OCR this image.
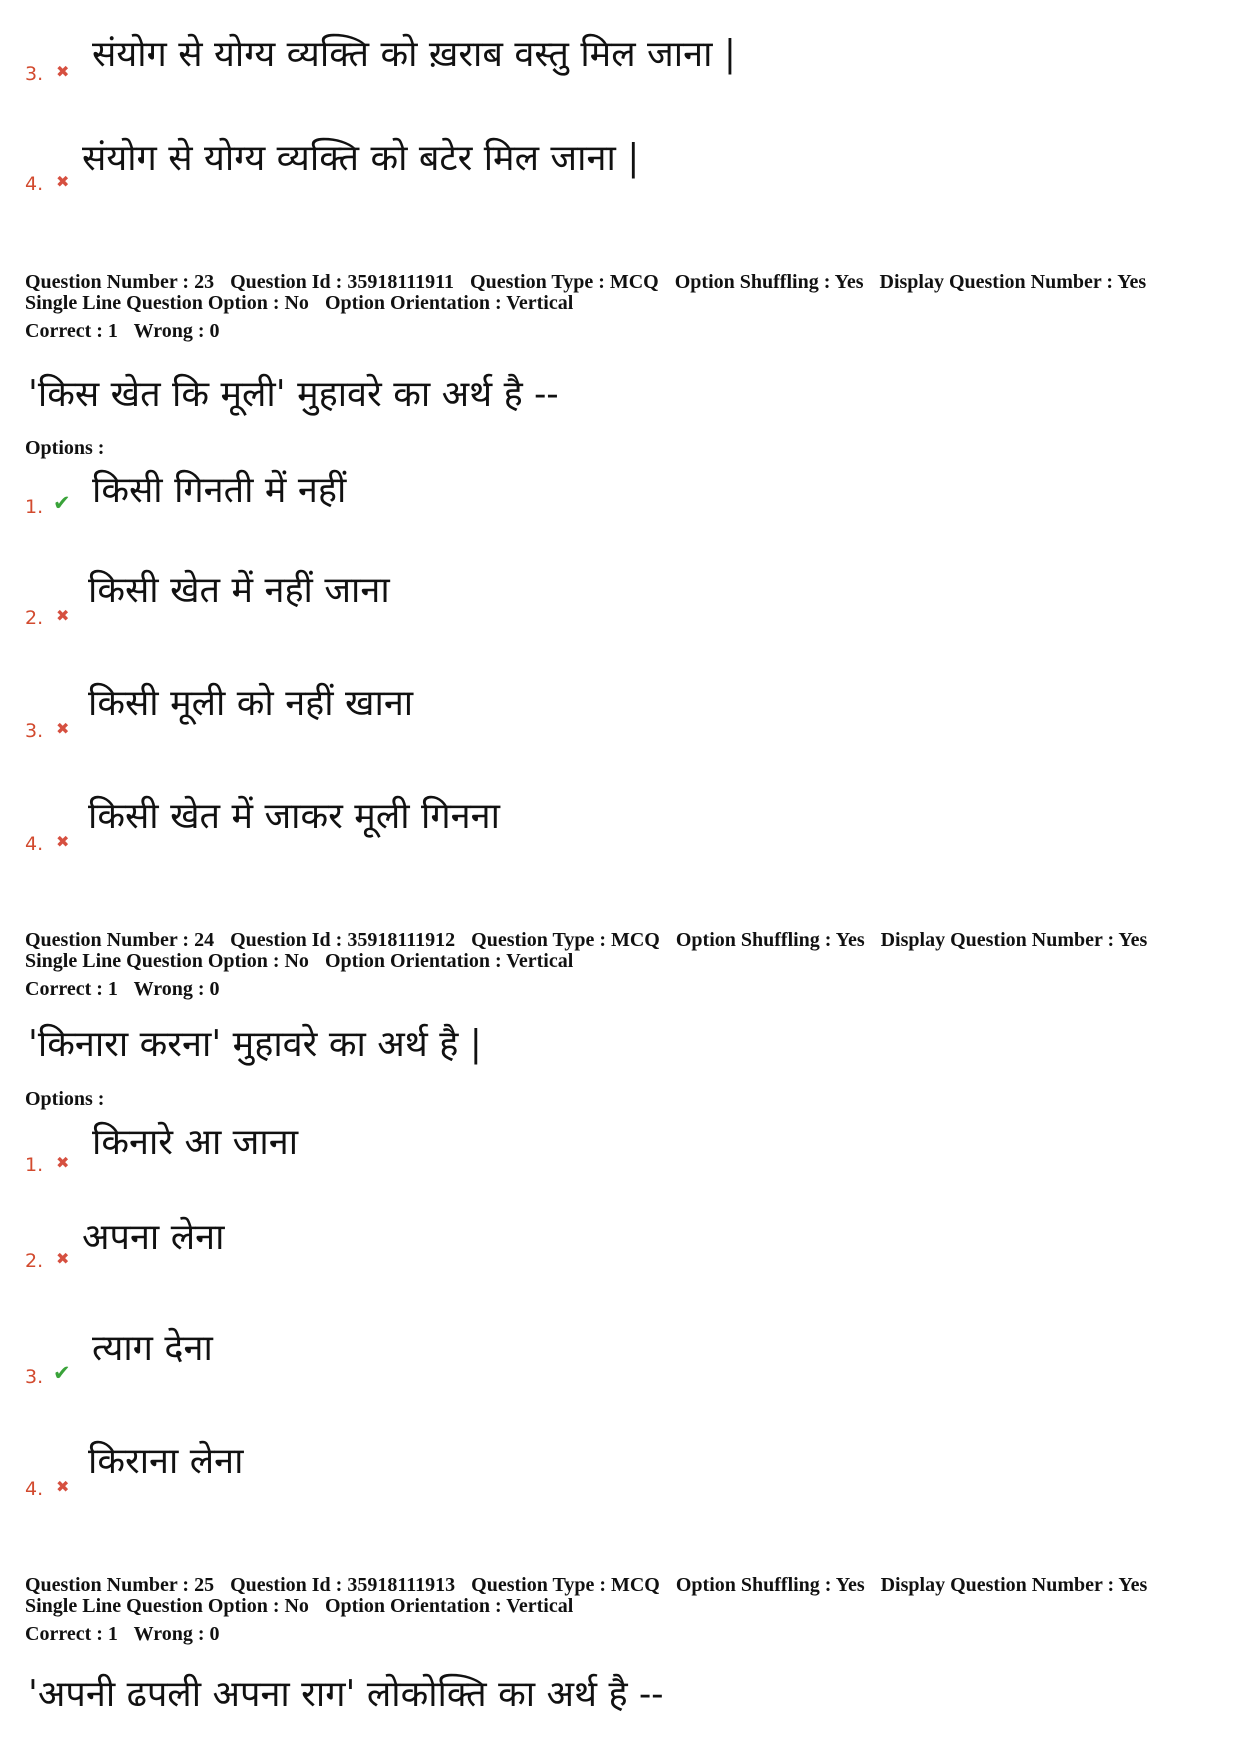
3. ✖ संयोग से योग्य व्यक्ति को ख़राब वस्तु मिल जाना |
4. ✖
संयोग से योग्य व्यक्ति को बटेर मिल जाना |
Question Number : 23 Question Id : 35918111911 Question Type : MCQ Option Shuffling : Yes Display Question Number : Yes
Single Line Question Option : No Option Orientation : Vertical
Correct : 1 Wrong : 0
'किस खेत कि मूली' मुहावरे का अर्थ है --
Options :
1. ✔ किसी गिनती में नहीं
2. ✖
किसी खेत में नहीं जाना
3. ✖
किसी मूली को नहीं खाना
4. ✖
किसी खेत में जाकर मूली गिनना
Question Number : 24 Question Id : 35918111912 Question Type : MCQ Option Shuffling : Yes Display Question Number : Yes
Single Line Question Option : No Option Orientation : Vertical
Correct : 1 Wrong : 0
'किनारा करना' मुहावरे का अर्थ है |
Options :
1. ✖ किनारे आ जाना
2. ✖
अपना लेना
3. ✔
त्याग देना
4. ✖
किराना लेना
Question Number : 25 Question Id : 35918111913 Question Type : MCQ Option Shuffling : Yes Display Question Number : Yes
Single Line Question Option : No Option Orientation : Vertical
Correct : 1 Wrong : 0
'अपनी ढपली अपना राग' लोकोक्ति का अर्थ है --
